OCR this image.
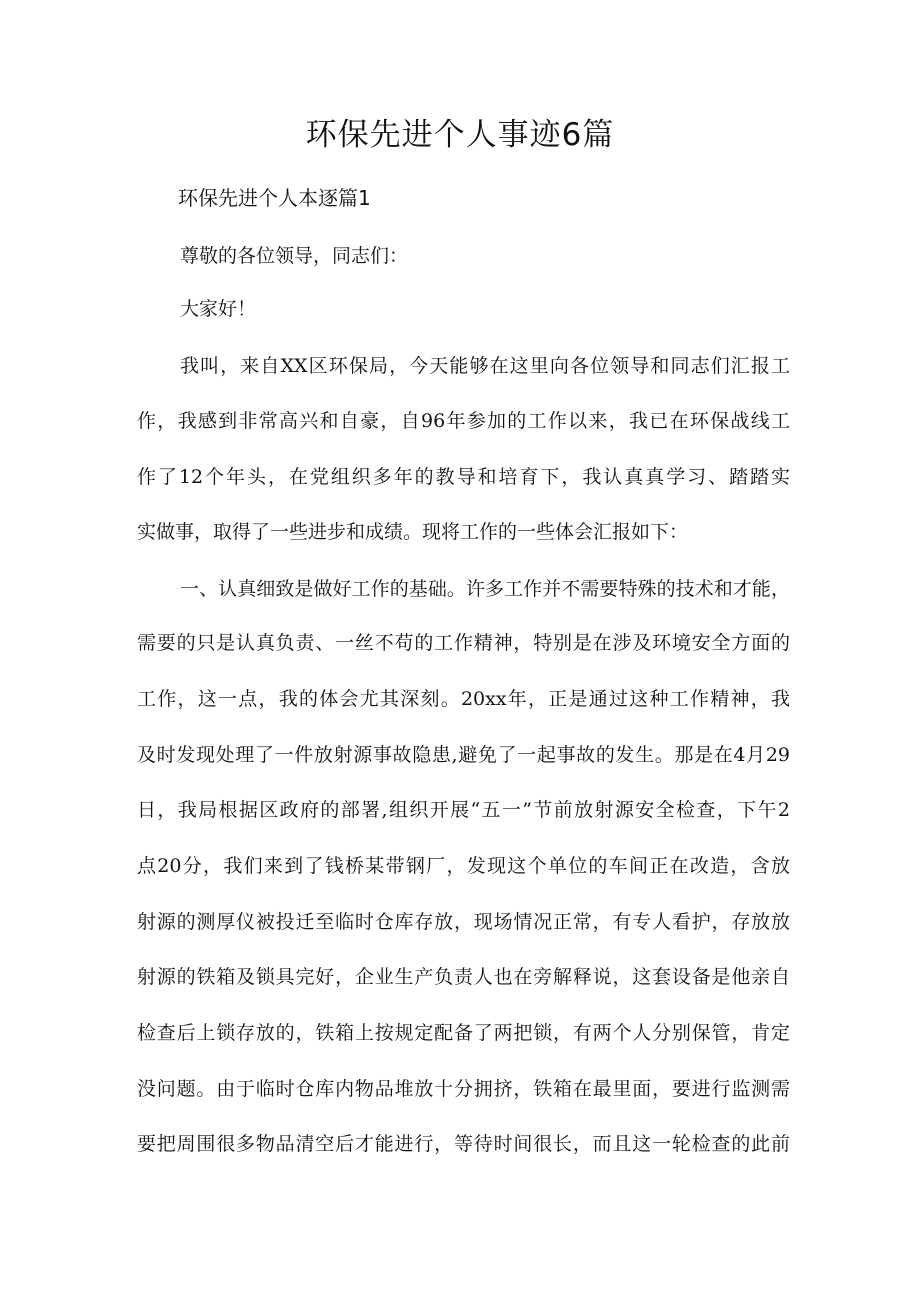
环保先进个人事迹6篇
环保先进个人本逐篇1

尊敬的各位领导，同志们：

大家好！

我叫，来自XX区环保局，今天能够在这里向各位领导和同志们汇报工

作，我感到非常高兴和自豪，自96年参加的工作以来，我已在环保战线工

作了12个年头，在党组织多年的教导和培育下，我认真真学习、踏踏实

实做事，取得了一些进步和成绩。现将工作的一些体会汇报如下：

一、认真细致是做好工作的基础。许多工作并不需要特殊的技术和才能，

需要的只是认真负责、一丝不苟的工作精神，特别是在涉及环境安全方面的

工作，这一点，我的体会尤其深刻。20xx年，正是通过这种工作精神，我

及时发现处理了一件放射源事故隐患,避免了一起事故的发生。那是在4月29

日，我局根据区政府的部署,组织开展“五一”节前放射源安全检查，下午2

点20分，我们来到了钱桥某带钢厂，发现这个单位的车间正在改造，含放

射源的测厚仪被投迁至临时仓库存放，现场情况正常，有专人看护，存放放

射源的铁箱及锁具完好，企业生产负责人也在旁解释说，这套设备是他亲自

检查后上锁存放的，铁箱上按规定配备了两把锁，有两个人分别保管，肯定

没问题。由于临时仓库内物品堆放十分拥挤，铁箱在最里面，要进行监测需

要把周围很多物品清空后才能进行，等待时间很长，而且这一轮检查的此前
